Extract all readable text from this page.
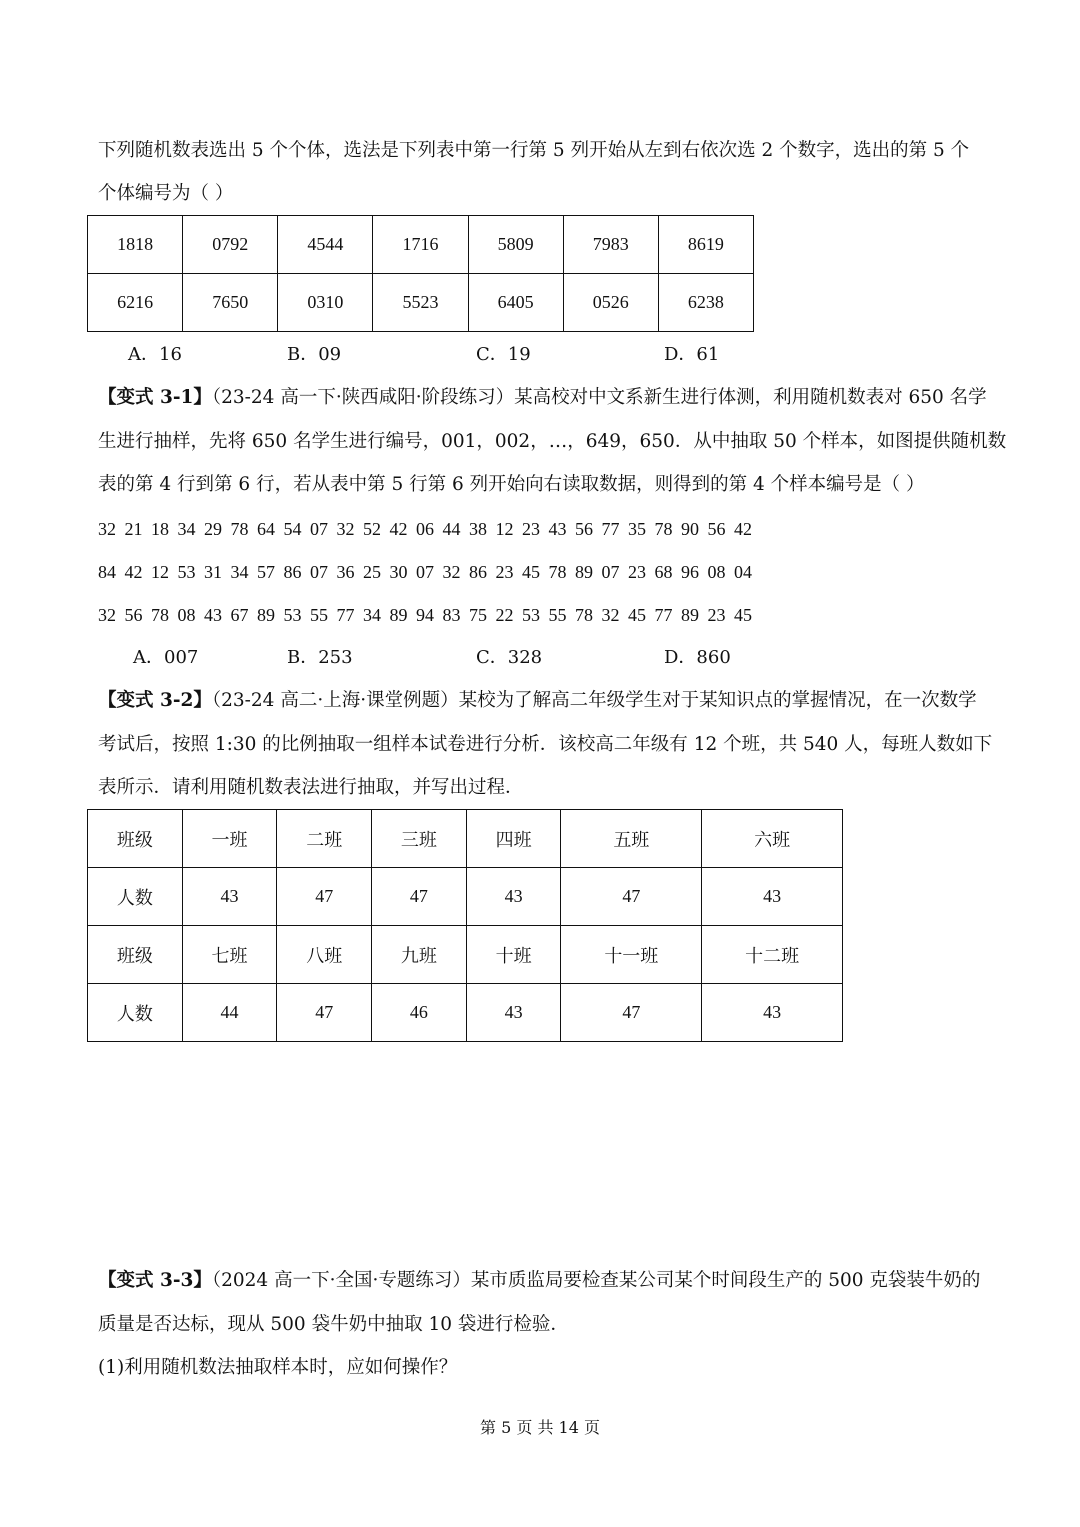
下列随机数表选出 5 个个体，选法是下列表中第一行第 5 列开始从左到右依次选 2 个数字，选出的第 5 个
个体编号为（ ）
1818	0792	4544	1716	5809	7983	8619
6216	7650	0310	5523	6405	0526	6238
A．16	B．09	C．19	D．61
【变式 3-1】（23-24 高一下·陕西咸阳·阶段练习）某高校对中文系新生进行体测，利用随机数表对 650 名学
生进行抽样，先将 650 名学生进行编号，001，002，…，649，650．从中抽取 50 个样本，如图提供随机数
表的第 4 行到第 6 行，若从表中第 5 行第 6 列开始向右读取数据，则得到的第 4 个样本编号是（ ）
32 21 18 34 29 78 64 54 07 32 52 42 06 44 38 12 23 43 56 77 35 78 90 56 42
84 42 12 53 31 34 57 86 07 36 25 30 07 32 86 23 45 78 89 07 23 68 96 08 04
32 56 78 08 43 67 89 53 55 77 34 89 94 83 75 22 53 55 78 32 45 77 89 23 45
A．007	B．253	C．328	D．860
【变式 3-2】（23-24 高二·上海·课堂例题）某校为了解高二年级学生对于某知识点的掌握情况，在一次数学
考试后，按照 1:30 的比例抽取一组样本试卷进行分析．该校高二年级有 12 个班，共 540 人，每班人数如下
表所示．请利用随机数表法进行抽取，并写出过程．
班级	一班	二班	三班	四班	五班	六班
人数	43	47	47	43	47	43
班级	七班	八班	九班	十班	十一班	十二班
人数	44	47	46	43	47	43
【变式 3-3】（2024 高一下·全国·专题练习）某市质监局要检查某公司某个时间段生产的 500 克袋装牛奶的
质量是否达标，现从 500 袋牛奶中抽取 10 袋进行检验．
(1)利用随机数法抽取样本时，应如何操作？
第 5 页 共 14 页
